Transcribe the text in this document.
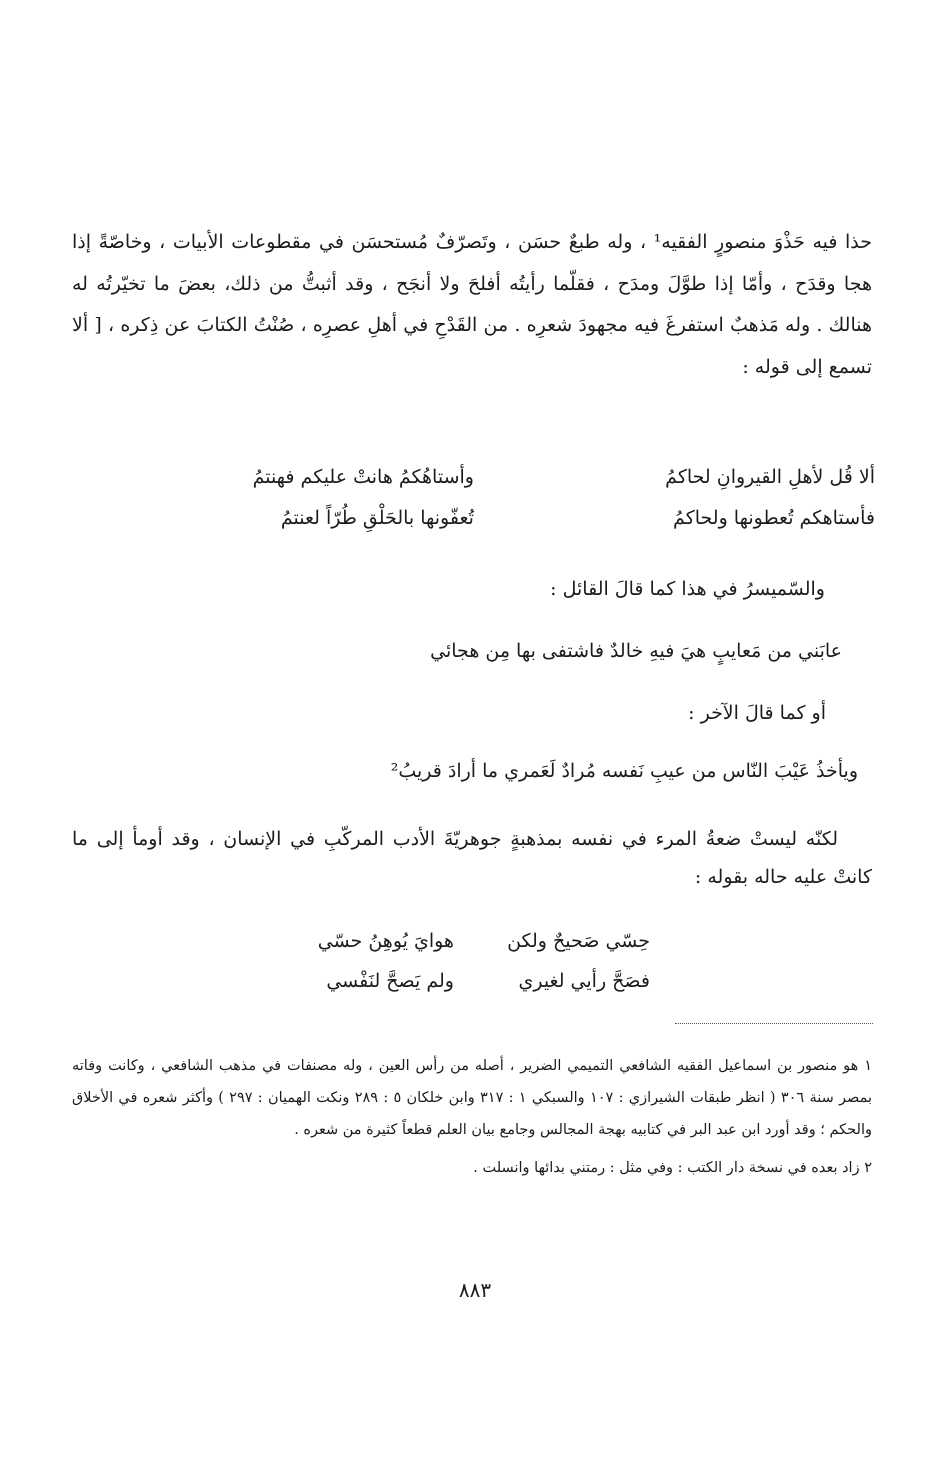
حذا فيه حَذْوَ منصورٍ الفقيه¹ ، وله طبعٌ حسَن ، وتَصرّفٌ مُستحسَن في مقطوعات الأبيات ، وخاصّةً إذا هجا وقدَح ، وأمّا إذا طوَّلَ ومدَح ، فقلّما رأيتُه أفلحَ ولا أنجَح ، وقد أثبتُّ من ذلك، بعضَ ما تخيّرتُه له هنالك . وله مَذهبٌ استفرغَ فيه مجهودَ شعرِه . من القَدْحِ في أهلِ عصرِه ، صُنْتُ الكتابَ عن ذِكره ، [ ألا تسمع إلى قوله :

ألا قُل لأهلِ القيروانِ لحاكمُ وأستاهُكمُ هانتْ عليكم فهنتمُ
فأستاهكم تُعطونها ولحاكمُ تُعفّونها بالحَلْقِ طُرّاً لعنتمُ
والسّميسرُ في هذا كما قالَ القائل :
عابَني من مَعايبٍ هيَ فيهِ خالدٌ فاشتفى بها مِن هجائي
أو كما قالَ الآخر :
ويأخذُ عَيْبَ النّاس من عيبِ نَفسه مُرادٌ لَعَمري ما أرادَ قريبُ²

لكنّه ليستْ ضعةُ المرء في نفسه بمذهبةٍ جوهريّةَ الأدب المركّبِ في الإنسان ، وقد أومأ إلى ما كانتْ عليه حاله بقوله :

حِسّي صَحيحٌ ولكن هوايَ يُوهِنُ حسّي
فصَحَّ رأيي لغيري ولم يَصحَّ لنَفْسي

١ هو منصور بن اسماعيل الفقيه الشافعي التميمي الضرير ، أصله من رأس العين ، وله مصنفات في مذهب الشافعي ، وكانت وفاته بمصر سنة ٣٠٦ ( انظر طبقات الشيرازي : ١٠٧ والسبكي ١ : ٣١٧ وابن خلكان ٥ : ٢٨٩ ونكت الهميان : ٢٩٧ ) وأكثر شعره في الأخلاق والحكم ؛ وقد أورد ابن عبد البر في كتابيه بهجة المجالس وجامع بيان العلم قطعاً كثيرة من شعره .

٢ زاد بعده في نسخة دار الكتب : وفي مثل : رمتني بدائها وانسلت .

٨٨٣
